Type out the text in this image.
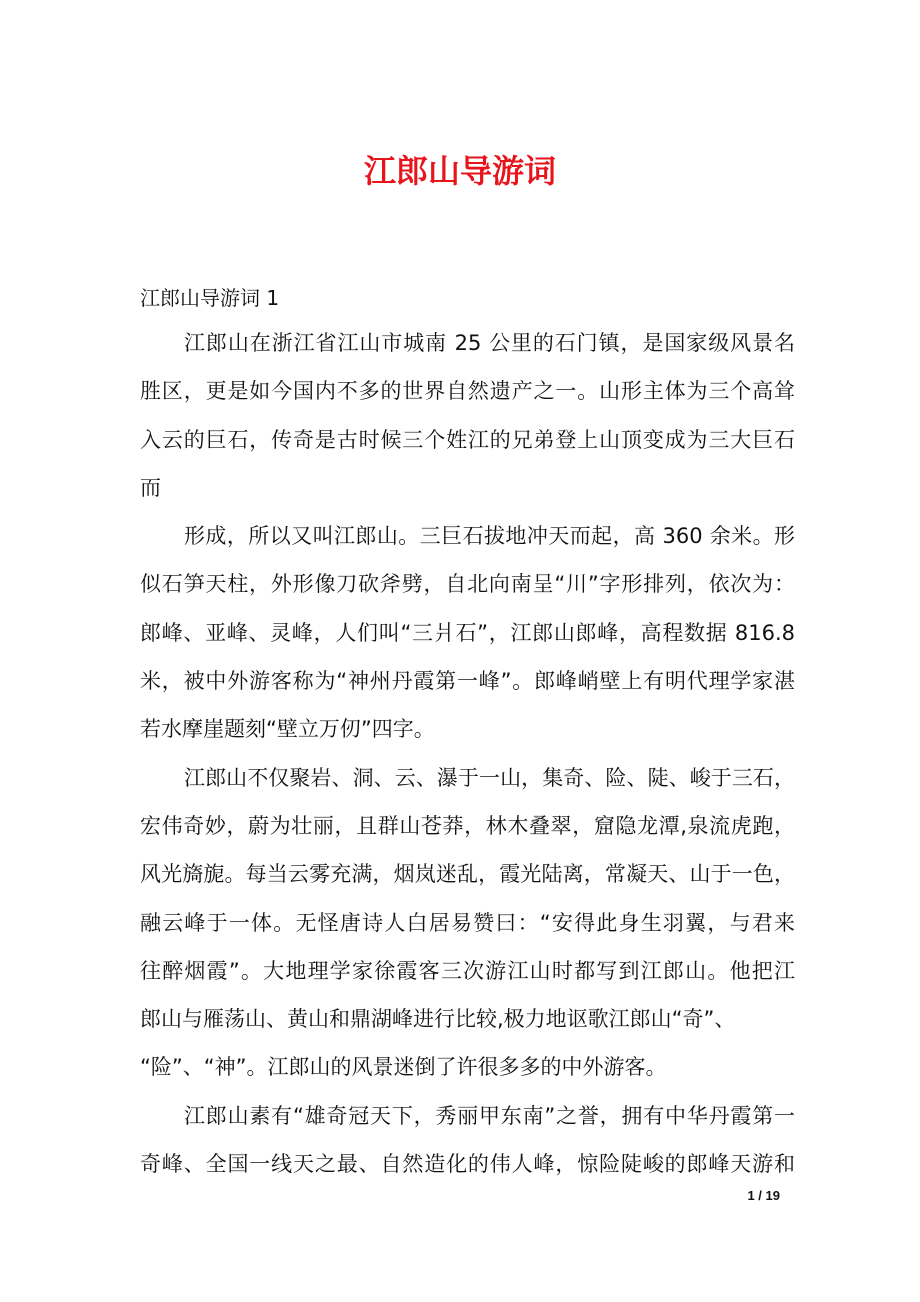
江郎山导游词
江郎山导游词 1
江郎山在浙江省江山市城南 25 公里的石门镇，是国家级风景名
胜区，更是如今国内不多的世界自然遗产之一。山形主体为三个高耸
入云的巨石，传奇是古时候三个姓江的兄弟登上山顶变成为三大巨石
而
形成，所以又叫江郎山。三巨石拔地冲天而起，高 360 余米。形
似石笋天柱，外形像刀砍斧劈，自北向南呈“川”字形排列，依次为：
郎峰、亚峰、灵峰，人们叫“三爿石”，江郎山郎峰，高程数据 816.8
米，被中外游客称为“神州丹霞第一峰”。郎峰峭壁上有明代理学家湛
若水摩崖题刻“壁立万仞”四字。
江郎山不仅聚岩、洞、云、瀑于一山，集奇、险、陡、峻于三石，
宏伟奇妙，蔚为壮丽，且群山苍莽，林木叠翠，窟隐龙潭,泉流虎跑，
风光旖旎。每当云雾充满，烟岚迷乱，霞光陆离，常凝天、山于一色，
融云峰于一体。无怪唐诗人白居易赞曰：“安得此身生羽翼，与君来
往醉烟霞”。大地理学家徐霞客三次游江山时都写到江郎山。他把江
郎山与雁荡山、黄山和鼎湖峰进行比较,极力地讴歌江郎山“奇”、
“险”、“神”。江郎山的风景迷倒了许很多多的中外游客。
江郎山素有“雄奇冠天下，秀丽甲东南”之誉，拥有中华丹霞第一
奇峰、全国一线天之最、自然造化的伟人峰，惊险陡峻的郎峰天游和
1 / 19
